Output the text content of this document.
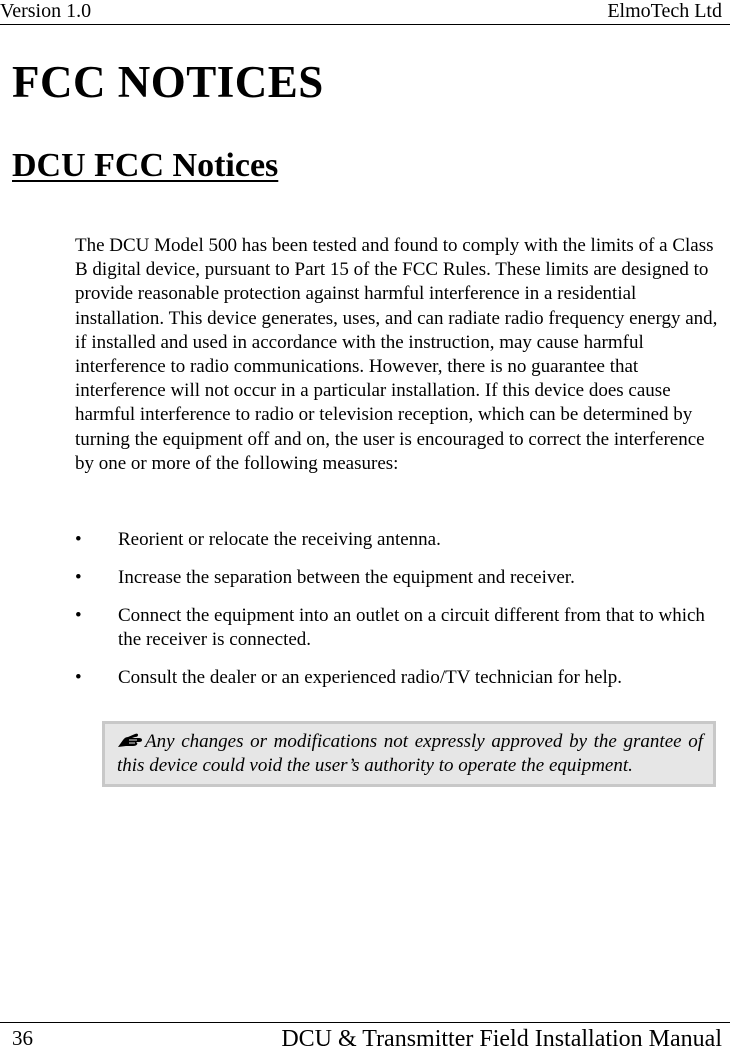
Version 1.0	ElmoTech Ltd
FCC NOTICES
DCU FCC Notices

The DCU Model 500 has been tested and found to comply with the limits of a Class B digital device, pursuant to Part 15 of the FCC Rules. These limits are designed to provide reasonable protection against harmful interference in a residential installation. This device generates, uses, and can radiate radio frequency energy and, if installed and used in accordance with the instruction, may cause harmful interference to radio communications. However, there is no guarantee that interference will not occur in a particular installation. If this device does cause harmful interference to radio or television reception, which can be determined by turning the equipment off and on, the user is encouraged to correct the interference by one or more of the following measures:

•	Reorient or relocate the receiving antenna.
•	Increase the separation between the equipment and receiver.
•	Connect the equipment into an outlet on a circuit different from that to which the receiver is connected.
•	Consult the dealer or an experienced radio/TV technician for help.
Any changes or modifications not expressly approved by the grantee of this device could void the user’s authority to operate the equipment.
36	DCU & Transmitter Field Installation Manual
